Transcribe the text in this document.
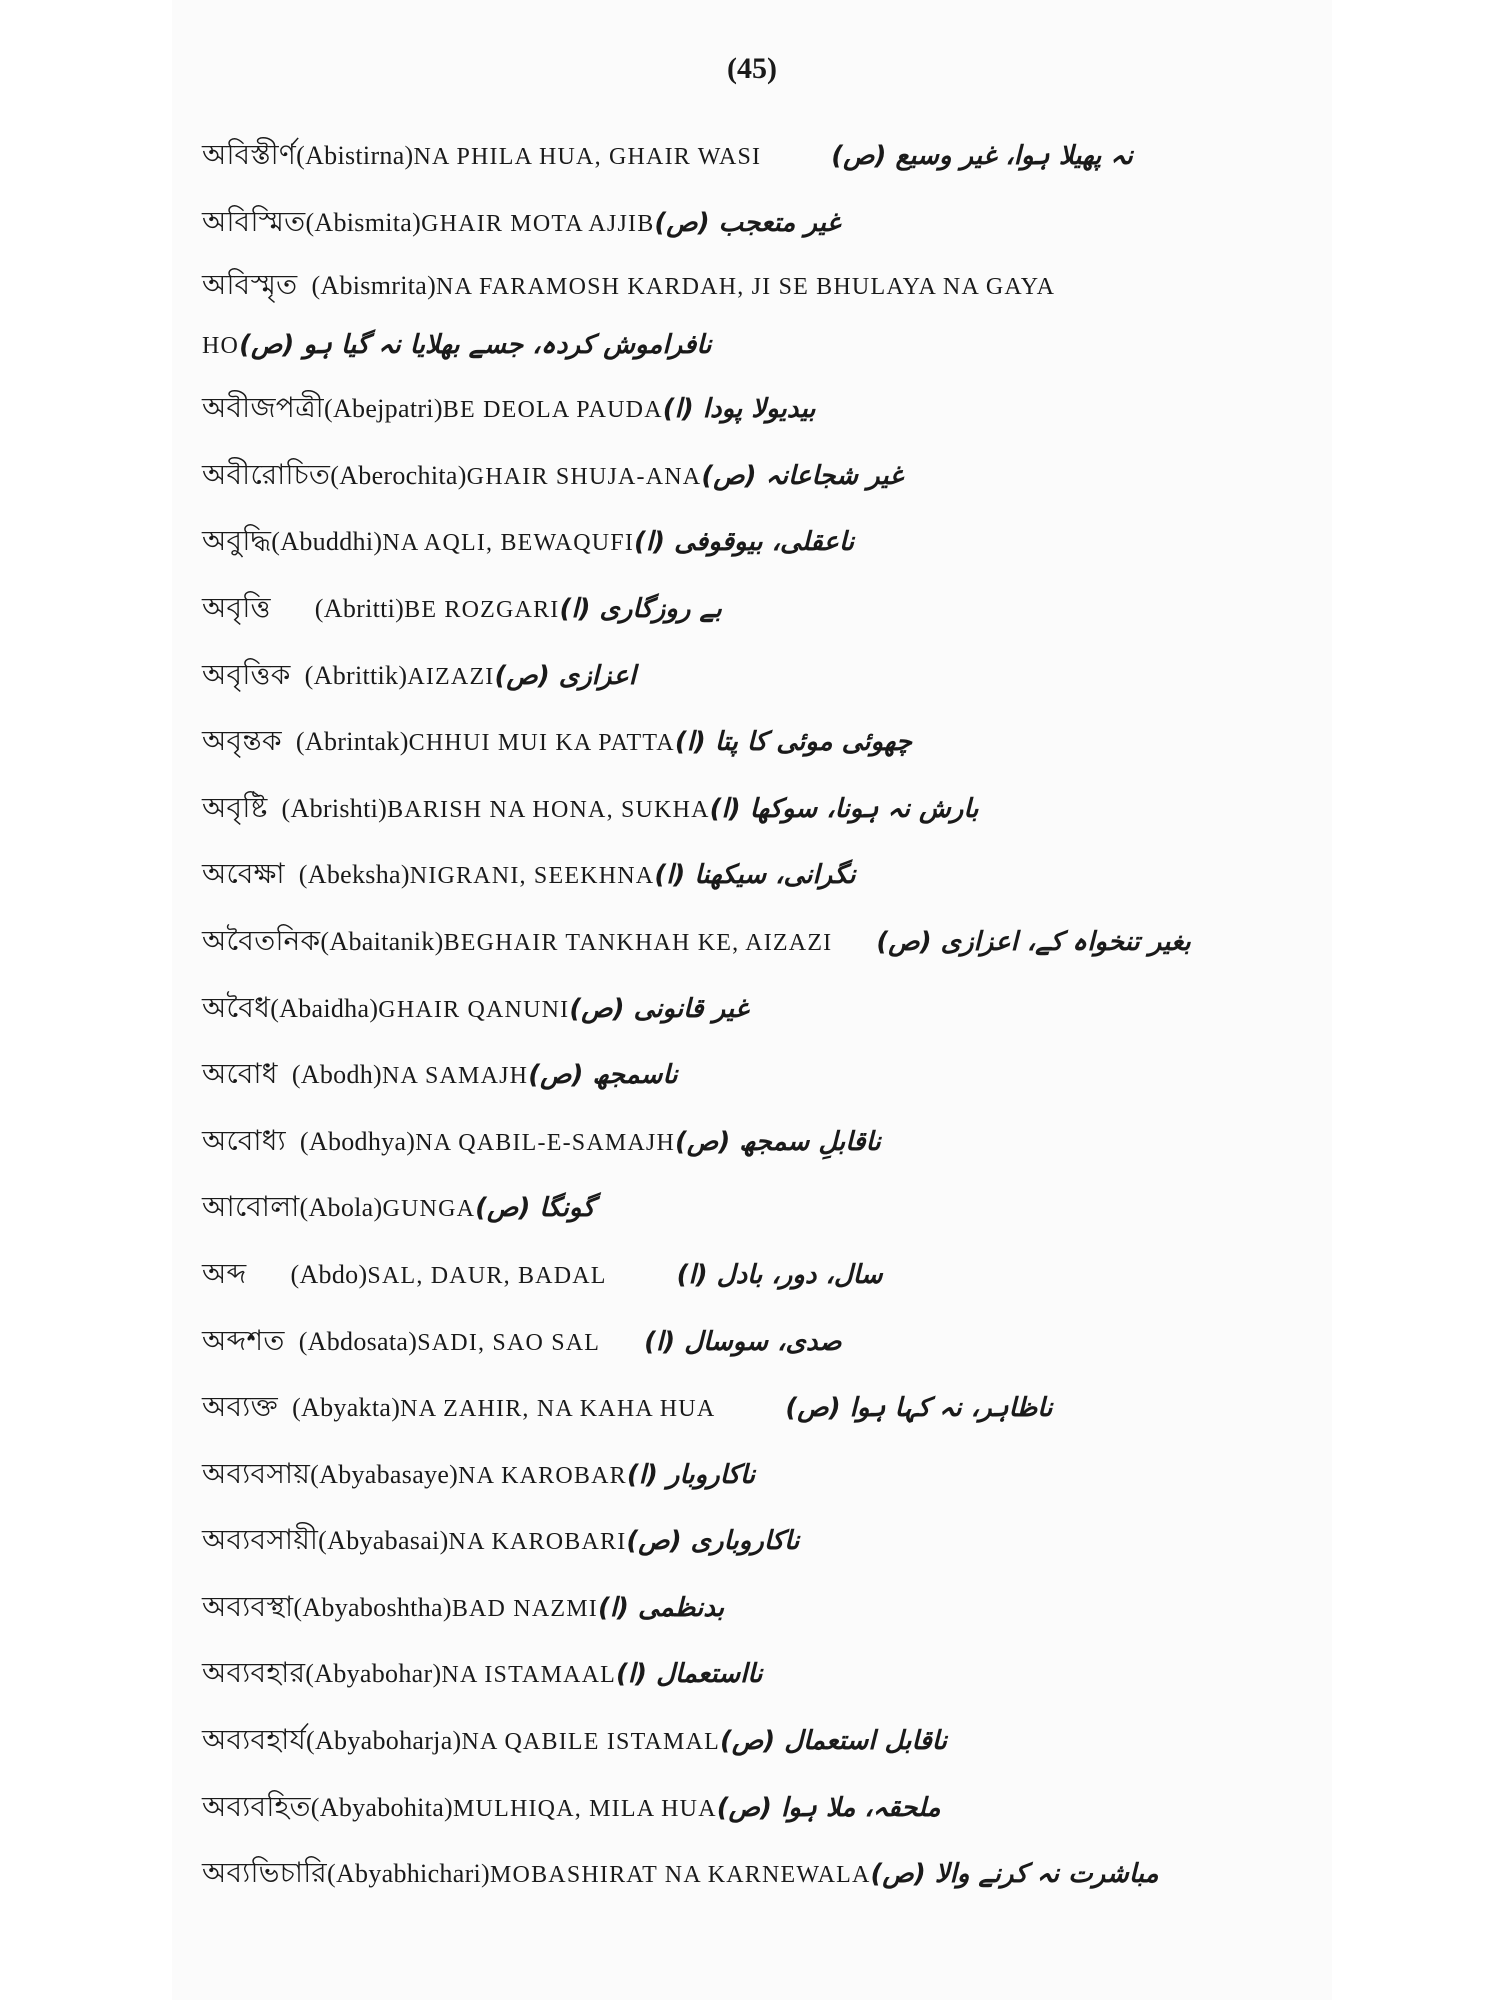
(45)
অবিস্তীর্ণ(Abistirna)NA PHILA HUA, GHAIR WASI	نہ پھیلا ہوا، غیر وسیع (ص)
অবিস্মিত(Abismita)GHAIR MOTA AJJIBغیر متعجب (ص)
অবিস্মৃত (Abismrita)NA FARAMOSH KARDAH, JI SE BHULAYA NA GAYA
HOنافراموش کردہ، جسے بھلایا نہ گیا ہو (ص)
অবীজপত্রী(Abejpatri)BE DEOLA PAUDAبیدیولا پودا (ا)
অবীরোচিত(Aberochita)GHAIR SHUJA-ANAغیر شجاعانہ (ص)
অবুদ্ধি(Abuddhi)NA AQLI, BEWAQUFIناعقلی، بیوقوفی (ا)
অবৃত্তি (Abritti)BE ROZGARIبے روزگاری (ا)
অবৃত্তিক (Abrittik)AIZAZIاعزازی (ص)
অবৃন্তক (Abrintak)CHHUI MUI KA PATTAچھوئی موئی کا پتا (ا)
অবৃষ্টি (Abrishti)BARISH NA HONA, SUKHAبارش نہ ہونا، سوکھا (ا)
অবেক্ষা (Abeksha)NIGRANI, SEEKHNAنگرانی، سیکھنا (ا)
অবৈতনিক(Abaitanik)BEGHAIR TANKHAH KE, AIZAZI بغیر تنخواہ کے، اعزازی (ص)
অবৈধ(Abaidha)GHAIR QANUNIغیر قانونی (ص)
অবোধ (Abodh)NA SAMAJHناسمجھ (ص)
অবোধ্য (Abodhya)NA QABIL-E-SAMAJHناقابلِ سمجھ (ص)
আবোলা(Abola)GUNGAگونگا (ص)
অব্দ (Abdo)SAL, DAUR, BADAL	سال، دور، بادل (ا)
অব্দশত (Abdosata)SADI, SAO SAL صدی، سوسال (ا)
অব্যক্ত (Abyakta)NA ZAHIR, NA KAHA HUA	ناظاہر، نہ کہا ہوا (ص)
অব্যবসায়(Abyabasaye)NA KAROBARناکاروبار (ا)
অব্যবসায়ী(Abyabasai)NA KAROBARIناکاروباری (ص)
অব্যবস্থা(Abyaboshtha)BAD NAZMIبدنظمی (ا)
অব্যবহার(Abyabohar)NA ISTAMAALنااستعمال (ا)
অব্যবহার্য(Abyaboharja)NA QABILE ISTAMALناقابل استعمال (ص)
অব্যবহিত(Abyabohita)MULHIQA, MILA HUAملحقہ، ملا ہوا (ص)
অব্যভিচারি(Abyabhichari)MOBASHIRAT NA KARNEWALAمباشرت نہ کرنے والا (ص)
